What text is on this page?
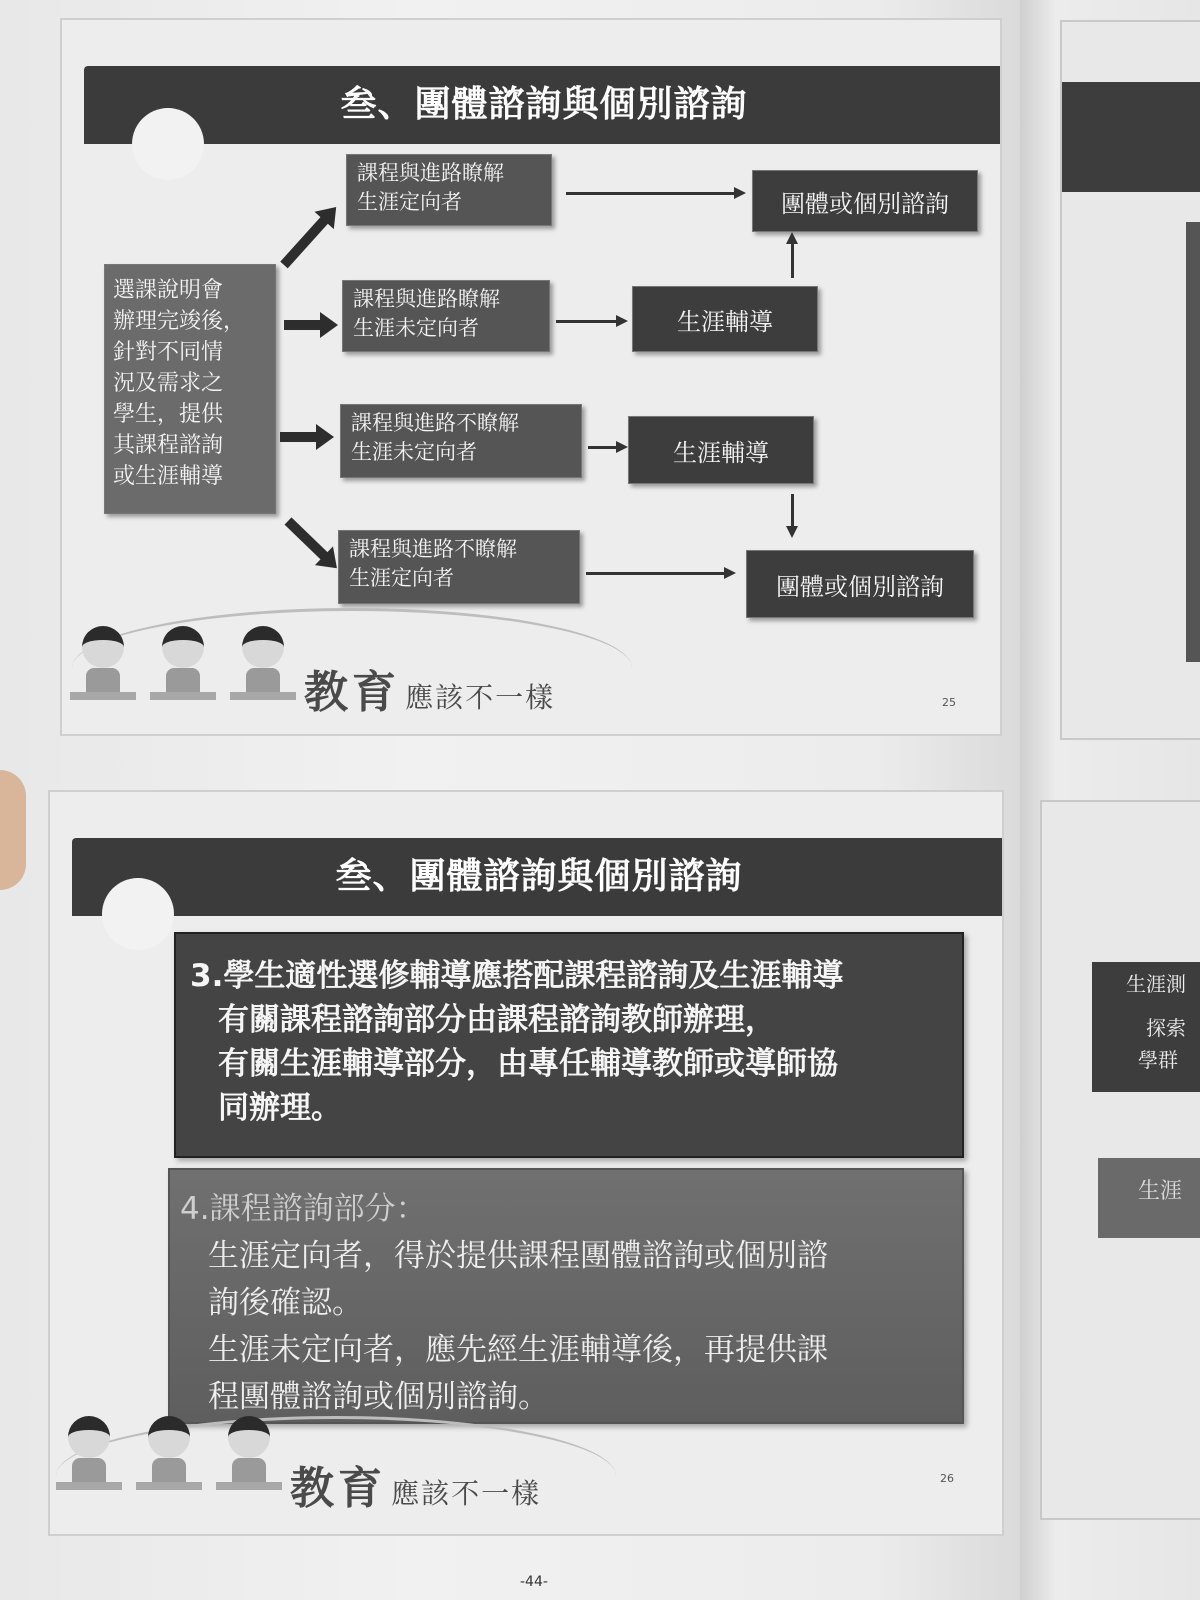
叁、團體諮詢與個別諮詢
選課說明會
辦理完竣後，
針對不同情
況及需求之
學生，提供
其課程諮詢
或生涯輔導
課程與進路瞭解
生涯定向者
課程與進路瞭解
生涯未定向者
課程與進路不瞭解
生涯未定向者
課程與進路不瞭解
生涯定向者
團體或個別諮詢
生涯輔導
生涯輔導
團體或個別諮詢
教育 應該不一樣	25
叁、團體諮詢與個別諮詢
3.學生適性選修輔導應搭配課程諮詢及生涯輔導
有關課程諮詢部分由課程諮詢教師辦理，
有關生涯輔導部分，由專任輔導教師或導師協
同辦理。
4.課程諮詢部分：
生涯定向者，得於提供課程團體諮詢或個別諮
詢後確認。
生涯未定向者，應先經生涯輔導後，再提供課
程團體諮詢或個別諮詢。
教育 應該不一樣	26
-44-
生涯測
探索
學群
生涯
